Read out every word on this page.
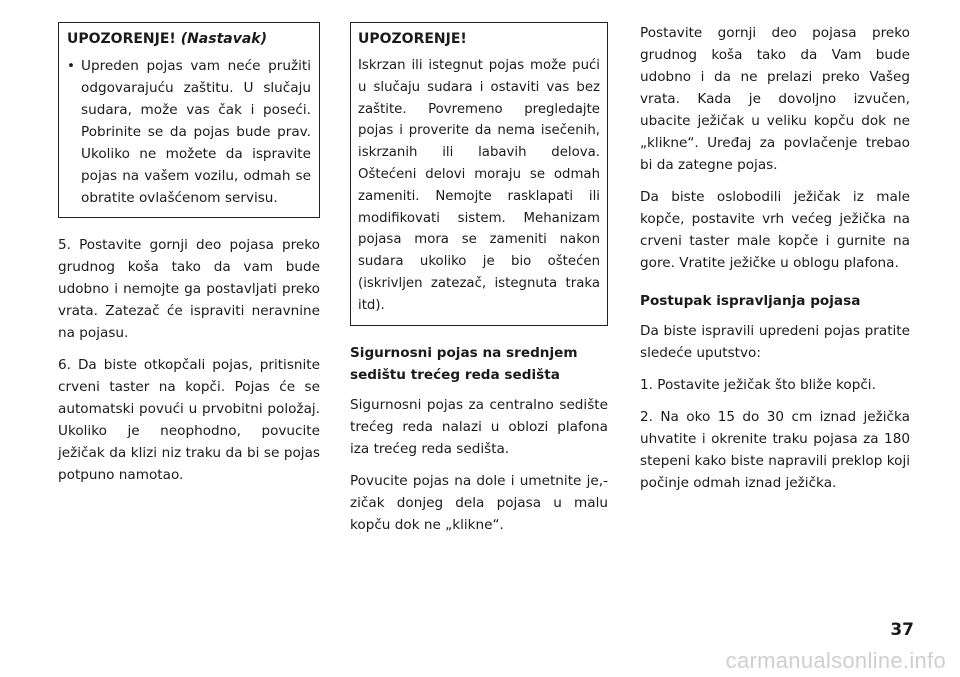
UPOZORENJE! (Nastavak)
• Upreden pojas vam neće pružiti odgovarajuću zaštitu. U slučaju sudara, može vas čak i poseći. Pobrinite se da pojas bude prav. Ukoliko ne možete da ispravite pojas na vašem vozilu, odmah se obratite ovlašćenom servisu.

5. Postavite gornji deo pojasa preko grudnog koša tako da vam bude udobno i nemojte ga postavljati preko vrata. Zatezač će ispraviti neravnine na pojasu.

6. Da biste otkopčali pojas, pritisnite crveni taster na kopči. Pojas će se automatski povući u prvobitni položaj. Ukoliko je neophodno, povucite ježičak da klizi niz traku da bi se pojas potpuno namotao.

UPOZORENJE!
Iskrzan ili istegnut pojas može pući u slučaju sudara i ostaviti vas bez zaštite. Povremeno pregledajte pojas i proverite da nema isečenih, iskrzanih ili labavih delova. Oštećeni delovi moraju se odmah zameniti. Nemojte rasklapati ili modifikovati sistem. Mehanizam pojasa mora se zameniti nakon sudara ukoliko je bio oštećen (iskrivljen zatezač, istegnuta traka itd).
Sigurnosni pojas na srednjem sedištu trećeg reda sedišta

Sigurnosni pojas za centralno sedište trećeg reda nalazi u oblozi plafona iza trećeg reda sedišta.

Povucite pojas na dole i umetnite je,-zičak donjeg dela pojasa u malu kopču dok ne „klikne“.

Postavite gornji deo pojasa preko grudnog koša tako da Vam bude udobno i da ne prelazi preko Vašeg vrata. Kada je dovoljno izvučen, ubacite ježičak u veliku kopču dok ne „klikne“. Uređaj za povlačenje trebao bi da zategne pojas.

Da biste oslobodili ježičak iz male kopče, postavite vrh većeg ježička na crveni taster male kopče i gurnite na gore. Vratite ježičke u oblogu plafona.

Postupak ispravljanja pojasa

Da biste ispravili upredeni pojas pratite sledeće uputstvo:

1. Postavite ježičak što bliže kopči.

2. Na oko 15 do 30 cm iznad ježička uhvatite i okrenite traku pojasa za 180 stepeni kako biste napravili preklop koji počinje odmah iznad ježička.

37
carmanualsonline.info
